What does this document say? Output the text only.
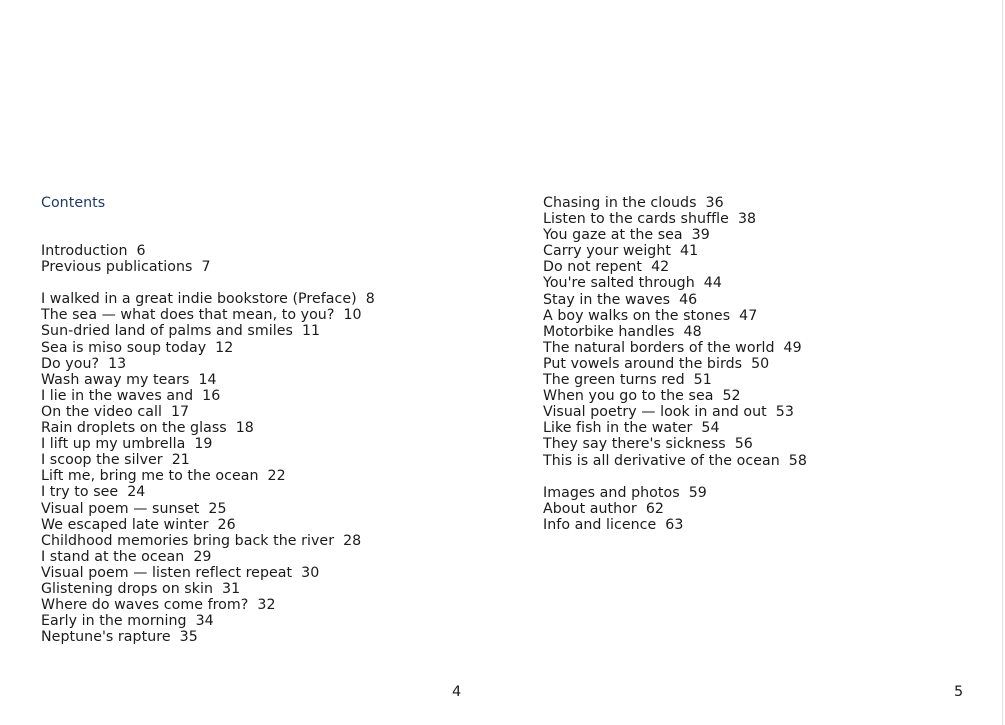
Contents
Introduction 6
Previous publications 7
I walked in a great indie bookstore (Preface) 8
The sea — what does that mean, to you? 10
Sun-dried land of palms and smiles 11
Sea is miso soup today 12
Do you? 13
Wash away my tears 14
I lie in the waves and 16
On the video call 17
Rain droplets on the glass 18
I lift up my umbrella 19
I scoop the silver 21
Lift me, bring me to the ocean 22
I try to see 24
Visual poem — sunset 25
We escaped late winter 26
Childhood memories bring back the river 28
I stand at the ocean 29
Visual poem — listen reflect repeat 30
Glistening drops on skin 31
Where do waves come from? 32
Early in the morning 34
Neptune's rapture 35
4
Chasing in the clouds 36
Listen to the cards shuffle 38
You gaze at the sea 39
Carry your weight 41
Do not repent 42
You're salted through 44
Stay in the waves 46
A boy walks on the stones 47
Motorbike handles 48
The natural borders of the world 49
Put vowels around the birds 50
The green turns red 51
When you go to the sea 52
Visual poetry — look in and out 53
Like fish in the water 54
They say there's sickness 56
This is all derivative of the ocean 58
Images and photos 59
About author 62
Info and licence 63
5
